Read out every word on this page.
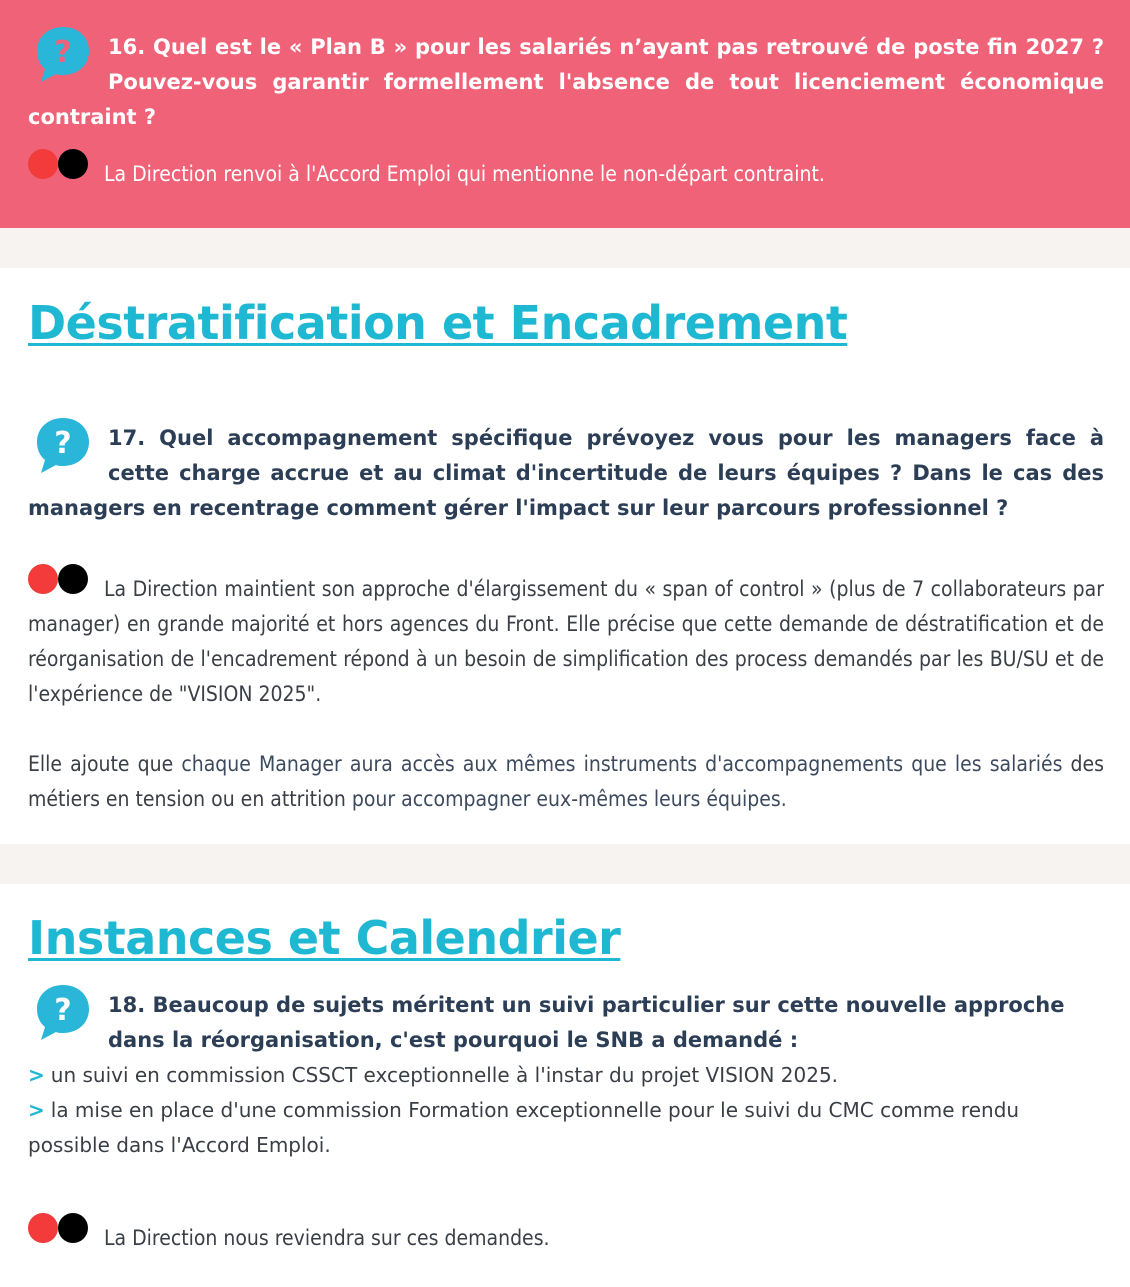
?	16. Quel est le « Plan B » pour les salariés n’ayant pas retrouvé de poste fin 2027 ? Pouvez-vous garantir formellement l'absence de tout licenciement économique contraint ?

La Direction renvoi à l'Accord Emploi qui mentionne le non-départ contraint.

Déstratification et Encadrement
?	17. Quel accompagnement spécifique prévoyez vous pour les managers face à cette charge accrue et au climat d'incertitude de leurs équipes ? Dans le cas des managers en recentrage comment gérer l'impact sur leur parcours professionnel ?

La Direction maintient son approche d'élargissement du « span of control » (plus de 7 collaborateurs par manager) en grande majorité et hors agences du Front. Elle précise que cette demande de déstratification et de réorganisation de l'encadrement répond à un besoin de simplification des process demandés par les BU/SU et de l'expérience de "VISION 2025".

Elle ajoute que chaque Manager aura accès aux mêmes instruments d'accompagnements que les salariés des métiers en tension ou en attrition pour accompagner eux-mêmes leurs équipes.

Instances et Calendrier
?	18. Beaucoup de sujets méritent un suivi particulier sur cette nouvelle approche dans la réorganisation, c'est pourquoi le SNB a demandé :

> un suivi en commission CSSCT exceptionnelle à l'instar du projet VISION 2025.

> la mise en place d'une commission Formation exceptionnelle pour le suivi du CMC comme rendu possible dans l'Accord Emploi.

La Direction nous reviendra sur ces demandes.
